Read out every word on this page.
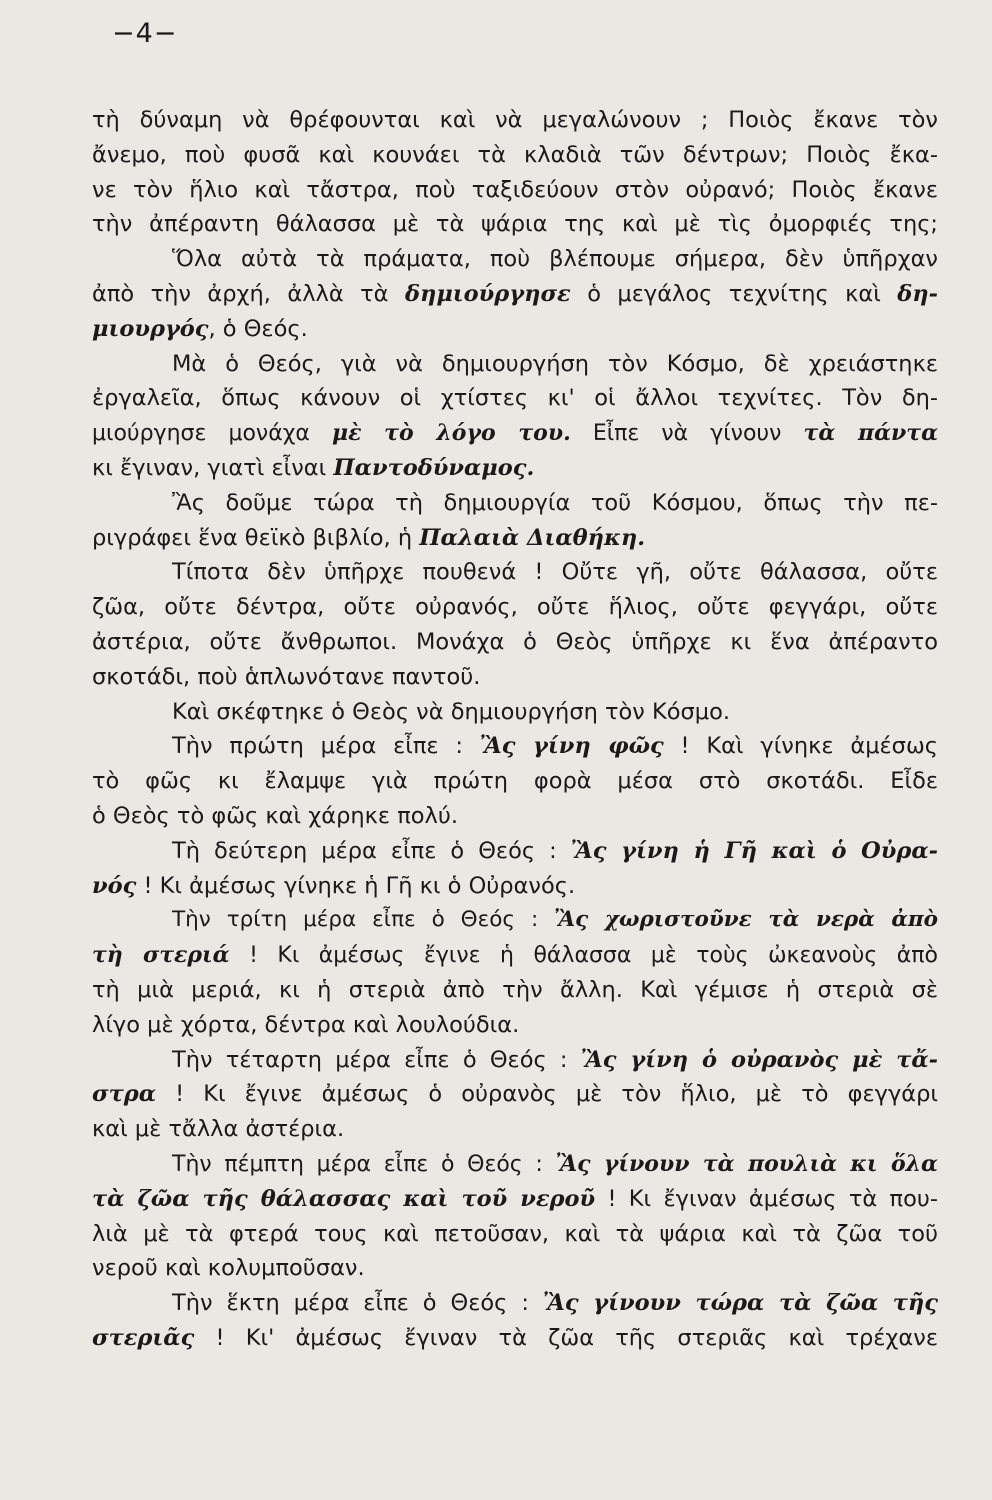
−4−
τὴ δύναμη νὰ θρέφουνται καὶ νὰ μεγαλώνουν ; Ποιὸς ἔκανε τὸν
ἄνεμο, ποὺ φυσᾶ καὶ κουνάει τὰ κλαδιὰ τῶν δέντρων; Ποιὸς ἔκα-
νε τὸν ἥλιο καὶ τἄστρα, ποὺ ταξιδεύουν στὸν οὐρανό; Ποιὸς ἔκανε
τὴν ἀπέραντη θάλασσα μὲ τὰ ψάρια της καὶ μὲ τὶς ὀμορφιές της;
Ὅλα αὐτὰ τὰ πράματα, ποὺ βλέπουμε σήμερα, δὲν ὑπῆρχαν
ἀπὸ τὴν ἀρχή, ἀλλὰ τὰ δημιούργησε ὁ μεγάλος τεχνίτης καὶ δη-
μιουργός, ὁ Θεός.
Μὰ ὁ Θεός, γιὰ νὰ δημιουργήση τὸν Κόσμο, δὲ χρειάστηκε
ἐργαλεῖα, ὅπως κάνουν οἱ χτίστες κι' οἱ ἄλλοι τεχνίτες. Τὸν δη-
μιούργησε μονάχα μὲ τὸ λόγο του. Εἶπε νὰ γίνουν τὰ πάντα
κι ἔγιναν, γιατὶ εἶναι Παντοδύναμος.
Ἂς δοῦμε τώρα τὴ δημιουργία τοῦ Κόσμου, ὅπως τὴν πε-
ριγράφει ἕνα θεϊκὸ βιβλίο, ἡ Παλαιὰ Διαθήκη.
Τίποτα δὲν ὑπῆρχε πουθενά ! Οὔτε γῆ, οὔτε θάλασσα, οὔτε
ζῶα, οὔτε δέντρα, οὔτε οὐρανός, οὔτε ἥλιος, οὔτε φεγγάρι, οὔτε
ἀστέρια, οὔτε ἄνθρωποι. Μονάχα ὁ Θεὸς ὑπῆρχε κι ἕνα ἀπέραντο
σκοτάδι, ποὺ ἁπλωνότανε παντοῦ.
Καὶ σκέφτηκε ὁ Θεὸς νὰ δημιουργήση τὸν Κόσμο.
Τὴν πρώτη μέρα εἶπε : Ἂς γίνη φῶς ! Καὶ γίνηκε ἀμέσως
τὸ φῶς κι ἔλαμψε γιὰ πρώτη φορὰ μέσα στὸ σκοτάδι. Εἶδε
ὁ Θεὸς τὸ φῶς καὶ χάρηκε πολύ.
Τὴ δεύτερη μέρα εἶπε ὁ Θεός : Ἂς γίνη ἡ Γῆ καὶ ὁ Οὐρα-
νός ! Κι ἀμέσως γίνηκε ἡ Γῆ κι ὁ Οὐρανός.
Τὴν τρίτη μέρα εἶπε ὁ Θεός : Ἂς χωριστοῦνε τὰ νερὰ ἀπὸ
τὴ στεριά ! Κι ἀμέσως ἔγινε ἡ θάλασσα μὲ τοὺς ὠκεανοὺς ἀπὸ
τὴ μιὰ μεριά, κι ἡ στεριὰ ἀπὸ τὴν ἄλλη. Καὶ γέμισε ἡ στεριὰ σὲ
λίγο μὲ χόρτα, δέντρα καὶ λουλούδια.
Τὴν τέταρτη μέρα εἶπε ὁ Θεός : Ἂς γίνη ὁ οὐρανὸς μὲ τἄ-
στρα ! Κι ἔγινε ἀμέσως ὁ οὐρανὸς μὲ τὸν ἥλιο, μὲ τὸ φεγγάρι
καὶ μὲ τἄλλα ἀστέρια.
Τὴν πέμπτη μέρα εἶπε ὁ Θεός : Ἂς γίνουν τὰ πουλιὰ κι ὅλα
τὰ ζῶα τῆς θάλασσας καὶ τοῦ νεροῦ ! Κι ἔγιναν ἀμέσως τὰ που-
λιὰ μὲ τὰ φτερά τους καὶ πετοῦσαν, καὶ τὰ ψάρια καὶ τὰ ζῶα τοῦ
νεροῦ καὶ κολυμποῦσαν.
Τὴν ἕκτη μέρα εἶπε ὁ Θεός : Ἂς γίνουν τώρα τὰ ζῶα τῆς
στεριᾶς ! Κι' ἀμέσως ἔγιναν τὰ ζῶα τῆς στεριᾶς καὶ τρέχανε
